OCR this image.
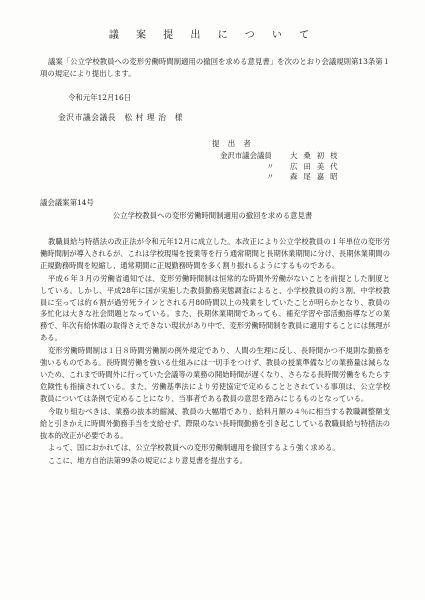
議 案 提 出 に つ い て

議案「公立学校教員への変形労働時間制適用の撤回を求める意見書」を次のとおり会議規則第13条第１項の規定により提出します。

令和元年12月16日
金沢市議会議長　松 村 理 治　様
提 出 者
金沢市議会議員	大桑初枝
〃	広田美代
〃	森尾嘉昭
議会議案第14号
公立学校教員への変形労働時間制適用の撤回を求める意見書

教職員給与特措法の改正法が令和元年12月に成立した。本改正により公立学校教員の１年単位の変形労働時間制が導入されるが、これは学校現場を授業等を行う通常期間と長期休業期間に分け、長期休業期間の正規勤務時間を短縮し、通常期間に正規勤務時間を多く割り振れるようにするものである。

平成６年３月の労働省通知では、変形労働時間制は恒常的な時間外労働がないことを前提とした制度としている。しかし、平成28年に国が実施した教員勤務実態調査によると、小学校教員の約３割、中学校教員に至っては約６割が過労死ラインとされる月80時間以上の残業をしていたことが明らかとなり、教員の多忙化は大きな社会問題となっている。また、長期休業期間であっても、補充学習や部活動指導などの業務で、年次有給休暇の取得さえできない現状があり中で、変形労働時間制を教員に適用することには無理がある。

変形労働時間制は１日８時間労働制の例外規定であり、人間の生理に反し、長時間かつ不規則な勤務を強いるものである。長時間労働を強いる仕組みには一切手をつけず、教員の授業準備などの業務量は減らないため、これまで時間外に行っていた会議等の業務の開始時間が遅くなり、さらなる長時間労働をもたらす危険性も指摘されている。また、労働基準法により労使協定で定めることとされている事項は、公立学校教員については条例で定めることになり、当事者である教員の意思を踏みにじるものとなっている。

今取り組むべきは、業務の抜本的縮減、教員の大幅増であり、給料月額の４％に相当する教職調整額支給と引きかえに時間外勤務手当を支給せず、際限のない長時間勤務を引き起こしている教職員給与特措法の抜本的改正が必要である。

よって、国におかれては、公立学校教員への変形労働制適用を撤回するよう強く求める。

ここに、地方自治法第99条の規定により意見書を提出する。
